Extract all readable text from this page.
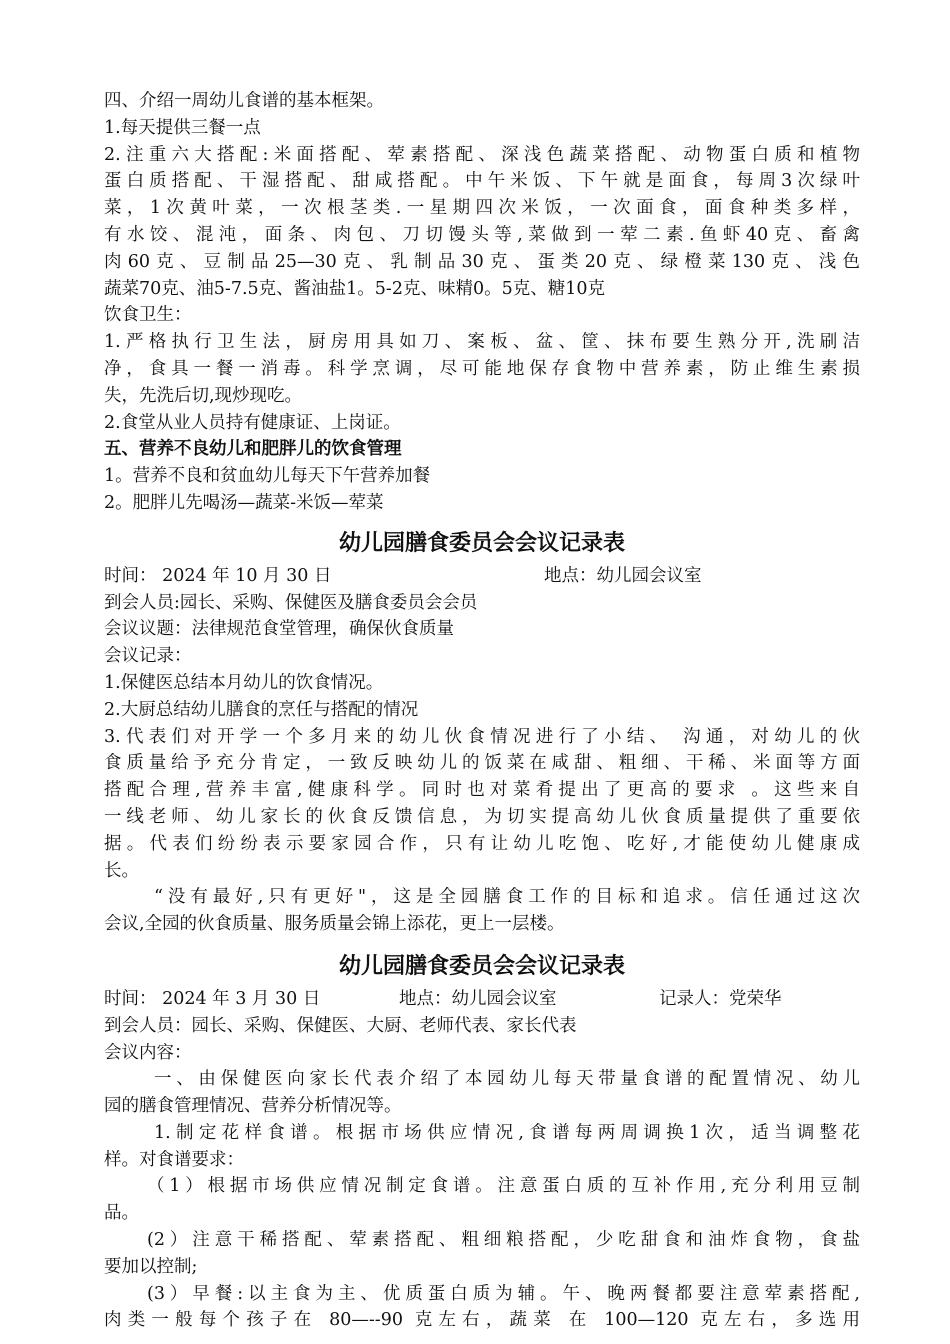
四、介绍一周幼儿食谱的基本框架。

1.每天提供三餐一点

2.注重六大搭配:米面搭配、荤素搭配、深浅色蔬菜搭配、动物蛋白质和植物

蛋白质搭配、干湿搭配、甜咸搭配。中午米饭、下午就是面食，每周3次绿叶

菜，1次黄叶菜，一次根茎类.一星期四次米饭，一次面食，面食种类多样，

有水饺、混沌，面条、肉包、刀切馒头等,菜做到一荤二素.鱼虾40克、畜禽

肉60克、豆制品25—30克、乳制品30克、蛋类20克、绿橙菜130克、浅色

蔬菜70克、油5-7.5克、酱油盐1。5-2克、味精0。5克、糖10克

饮食卫生：

1.严格执行卫生法，厨房用具如刀、案板、盆、筐、抹布要生熟分开,洗刷洁

净，食具一餐一消毒。科学烹调，尽可能地保存食物中营养素，防止维生素损

失，先洗后切,现炒现吃。

2.食堂从业人员持有健康证、上岗证。

五、营养不良幼儿和肥胖儿的饮食管理

1。营养不良和贫血幼儿每天下午营养加餐

2。肥胖儿先喝汤—蔬菜-米饭—荤菜

幼儿园膳食委员会会议记录表

时间： 2024 年 10 月 30 日	地点：幼儿园会议室

到会人员:园长、采购、保健医及膳食委员会会员

会议议题：法律规范食堂管理，确保伙食质量

会议记录：

1.保健医总结本月幼儿的饮食情况。

2.大厨总结幼儿膳食的烹任与搭配的情况

3.代表们对开学一个多月来的幼儿伙食情况进行了小结、 沟通，对幼儿的伙

食质量给予充分肯定，一致反映幼儿的饭菜在咸甜、粗细、干稀、米面等方面

搭配合理,营养丰富,健康科学。同时也对菜肴提出了更高的要求 。这些来自

一线老师、幼儿家长的伙食反馈信息，为切实提高幼儿伙食质量提供了重要依

据。代表们纷纷表示要家园合作，只有让幼儿吃饱、吃好,才能使幼儿健康成

长。

“没有最好,只有更好"，这是全园膳食工作的目标和追求。信任通过这次

会议,全园的伙食质量、服务质量会锦上添花，更上一层楼。

幼儿园膳食委员会会议记录表

时间： 2024 年 3 月 30 日	地点：幼儿园会议室	记录人：党荣华

到会人员：园长、采购、保健医、大厨、老师代表、家长代表

会议内容：

一、由保健医向家长代表介绍了本园幼儿每天带量食谱的配置情况、幼儿

园的膳食管理情况、营养分析情况等。

1.制定花样食谱。根据市场供应情况,食谱每两周调换1次，适当调整花

样。对食谱要求：

（1）根据市场供应情况制定食谱。注意蛋白质的互补作用,充分利用豆制

品。

(2）注意干稀搭配、荤素搭配、粗细粮搭配，少吃甜食和油炸食物，食盐

要加以控制;

(3）早餐:以主食为主、优质蛋白质为辅。午、晚两餐都要注意荤素搭配,

肉类一般每个孩子在 80—--90 克左右，蔬菜 在 100—120 克左右，多选用
